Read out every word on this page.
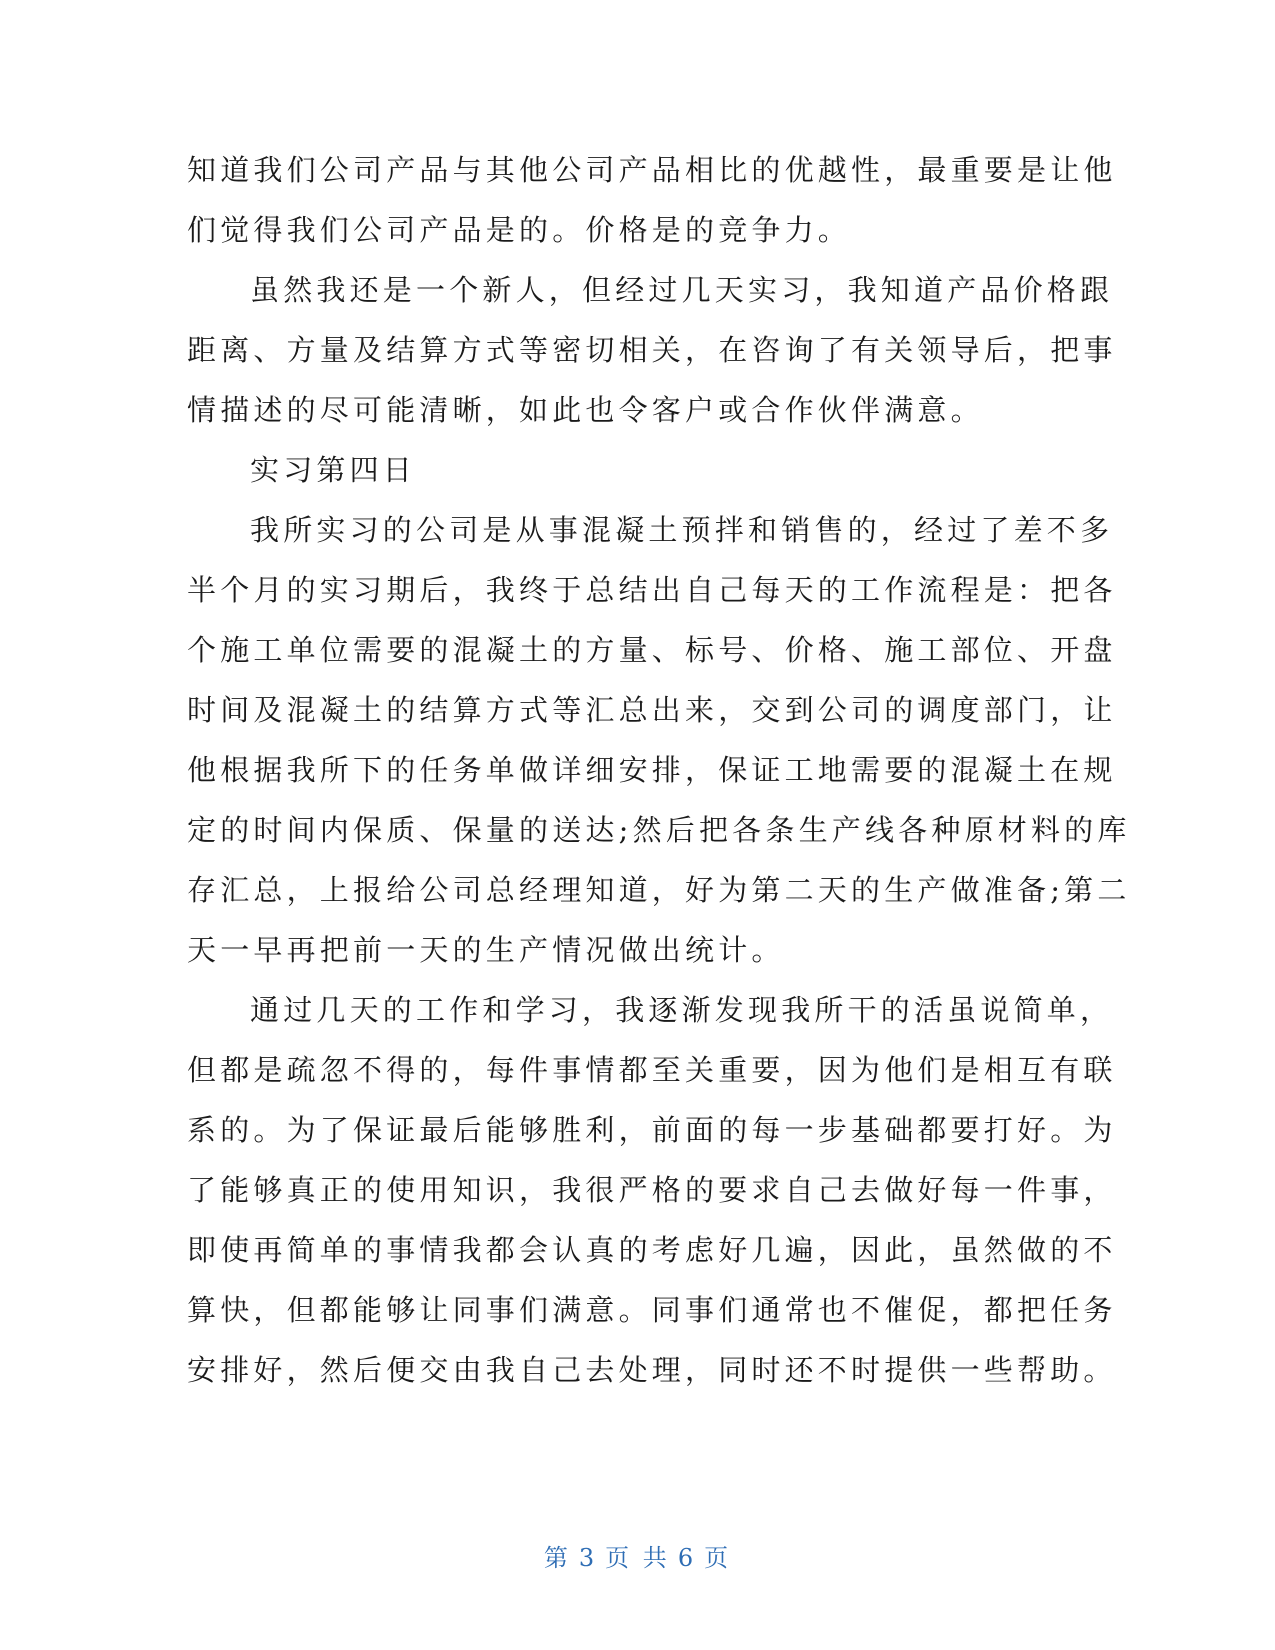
知道我们公司产品与其他公司产品相比的优越性，最重要是让他
们觉得我们公司产品是的。价格是的竞争力。
虽然我还是一个新人，但经过几天实习，我知道产品价格跟
距离、方量及结算方式等密切相关，在咨询了有关领导后，把事
情描述的尽可能清晰，如此也令客户或合作伙伴满意。
实习第四日
我所实习的公司是从事混凝土预拌和销售的，经过了差不多
半个月的实习期后，我终于总结出自己每天的工作流程是：把各
个施工单位需要的混凝土的方量、标号、价格、施工部位、开盘
时间及混凝土的结算方式等汇总出来，交到公司的调度部门，让
他根据我所下的任务单做详细安排，保证工地需要的混凝土在规
定的时间内保质、保量的送达;然后把各条生产线各种原材料的库
存汇总，上报给公司总经理知道，好为第二天的生产做准备;第二
天一早再把前一天的生产情况做出统计。
通过几天的工作和学习，我逐渐发现我所干的活虽说简单，
但都是疏忽不得的，每件事情都至关重要，因为他们是相互有联
系的。为了保证最后能够胜利，前面的每一步基础都要打好。为
了能够真正的使用知识，我很严格的要求自己去做好每一件事，
即使再简单的事情我都会认真的考虑好几遍，因此，虽然做的不
算快，但都能够让同事们满意。同事们通常也不催促，都把任务
安排好，然后便交由我自己去处理，同时还不时提供一些帮助。
第 3 页 共 6 页
